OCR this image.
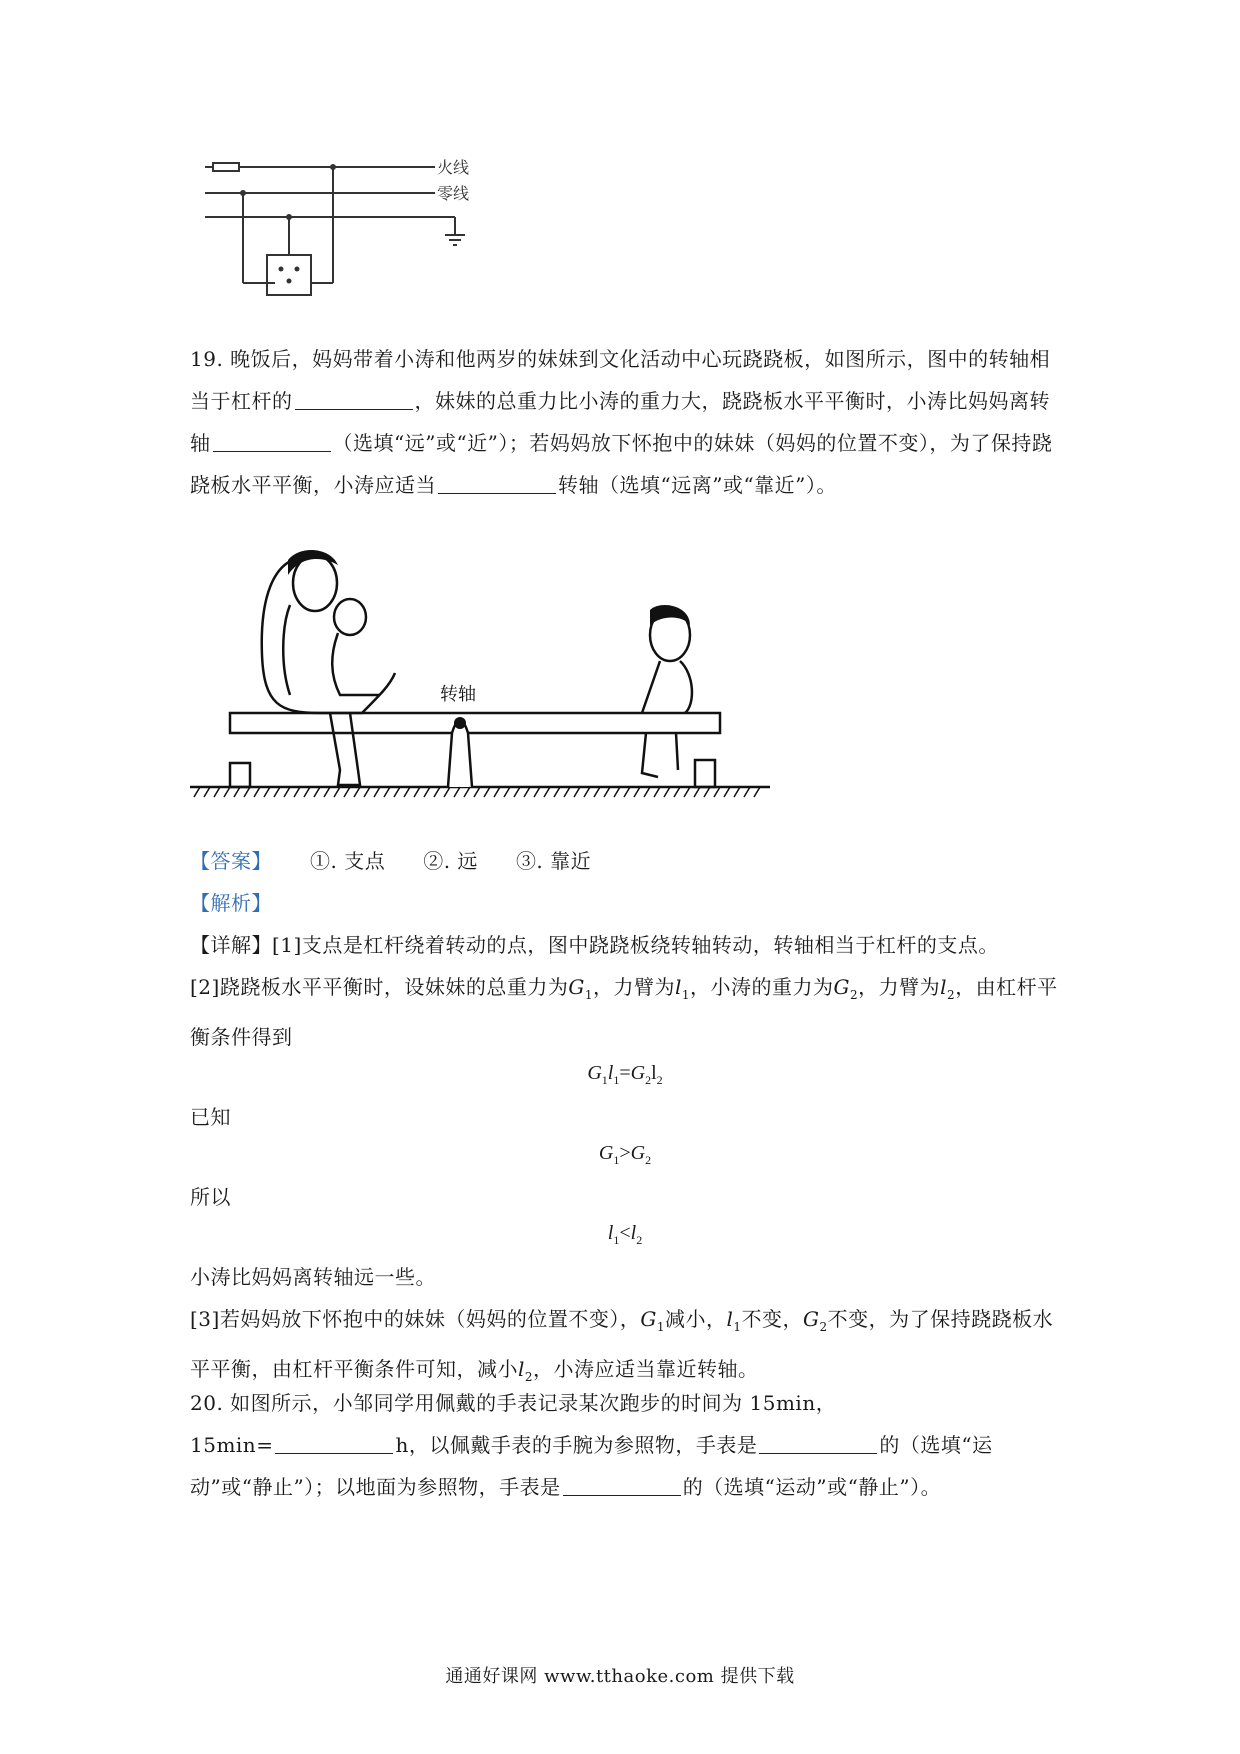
火线
零线
19. 晚饭后，妈妈带着小涛和他两岁的妹妹到文化活动中心玩跷跷板，如图所示，图中的转轴相当于杠杆的	，妹妹的总重力比小涛的重力大，跷跷板水平平衡时，小涛比妈妈离转轴	（选填“远”或“近”）；若妈妈放下怀抱中的妹妹（妈妈的位置不变），为了保持跷跷板水平平衡，小涛应适当	转轴（选填“远离”或“靠近”）。
转轴
【答案】 ①. 支点 ②. 远 ③. 靠近
【解析】
【详解】[1]支点是杠杆绕着转动的点，图中跷跷板绕转轴转动，转轴相当于杠杆的支点。
[2]跷跷板水平平衡时，设妹妹的总重力为$G_1$，力臂为$l_1$，小涛的重力为$G_2$，力臂为$l_2$，由杠杆平衡条件得到
$G_1l_1=G_2l_2$
已知
$G_1>G_2$
所以
$l_1<l_2$
小涛比妈妈离转轴远一些。
[3]若妈妈放下怀抱中的妹妹（妈妈的位置不变），$G_1$减小，$l_1$不变，$G_2$不变，为了保持跷跷板水平平衡，由杠杆平衡条件可知，减小$l_2$，小涛应适当靠近转轴。
20. 如图所示，小邹同学用佩戴的手表记录某次跑步的时间为 15min，
15min=	h，以佩戴手表的手腕为参照物，手表是	的（选填“运动”或“静止”）；以地面为参照物，手表是	的（选填“运动”或“静止”）。
通通好课网 www.tthaoke.com 提供下载
